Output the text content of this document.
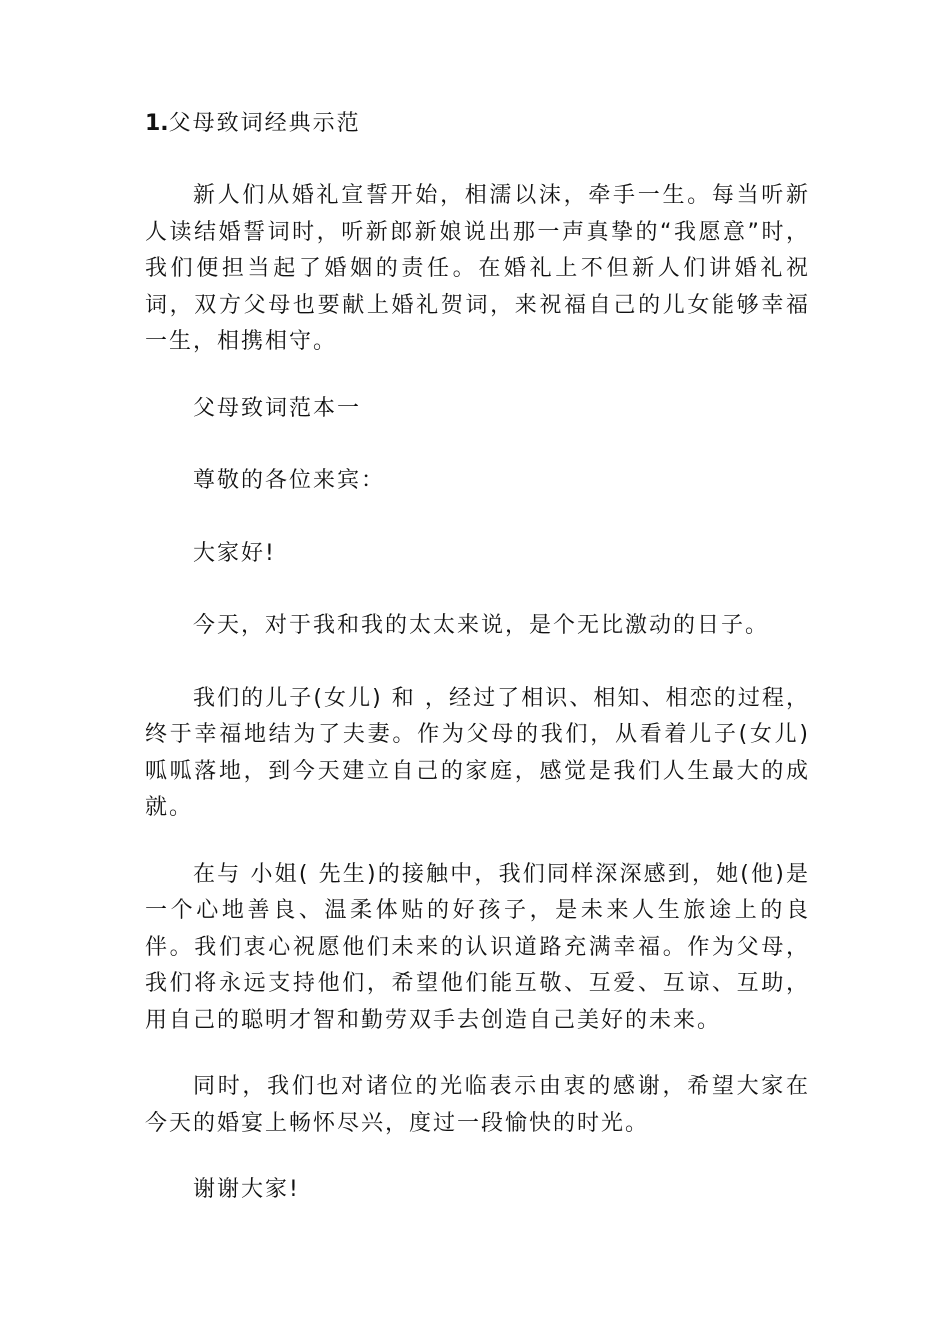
1.父母致词经典示范

新人们从婚礼宣誓开始，相濡以沫，牵手一生。每当听新人读结婚誓词时，听新郎新娘说出那一声真挚的“我愿意”时，我们便担当起了婚姻的责任。在婚礼上不但新人们讲婚礼祝词，双方父母也要献上婚礼贺词，来祝福自己的儿女能够幸福一生，相携相守。

父母致词范本一

尊敬的各位来宾：

大家好!

今天，对于我和我的太太来说，是个无比激动的日子。

我们的儿子(女儿) 和 ，经过了相识、相知、相恋的过程，终于幸福地结为了夫妻。作为父母的我们，从看着儿子(女儿)呱呱落地，到今天建立自己的家庭，感觉是我们人生最大的成就。

在与 小姐( 先生)的接触中，我们同样深深感到，她(他)是一个心地善良、温柔体贴的好孩子，是未来人生旅途上的良伴。我们衷心祝愿他们未来的认识道路充满幸福。作为父母，我们将永远支持他们，希望他们能互敬、互爱、互谅、互助，用自己的聪明才智和勤劳双手去创造自己美好的未来。

同时，我们也对诸位的光临表示由衷的感谢，希望大家在今天的婚宴上畅怀尽兴，度过一段愉快的时光。

谢谢大家!
